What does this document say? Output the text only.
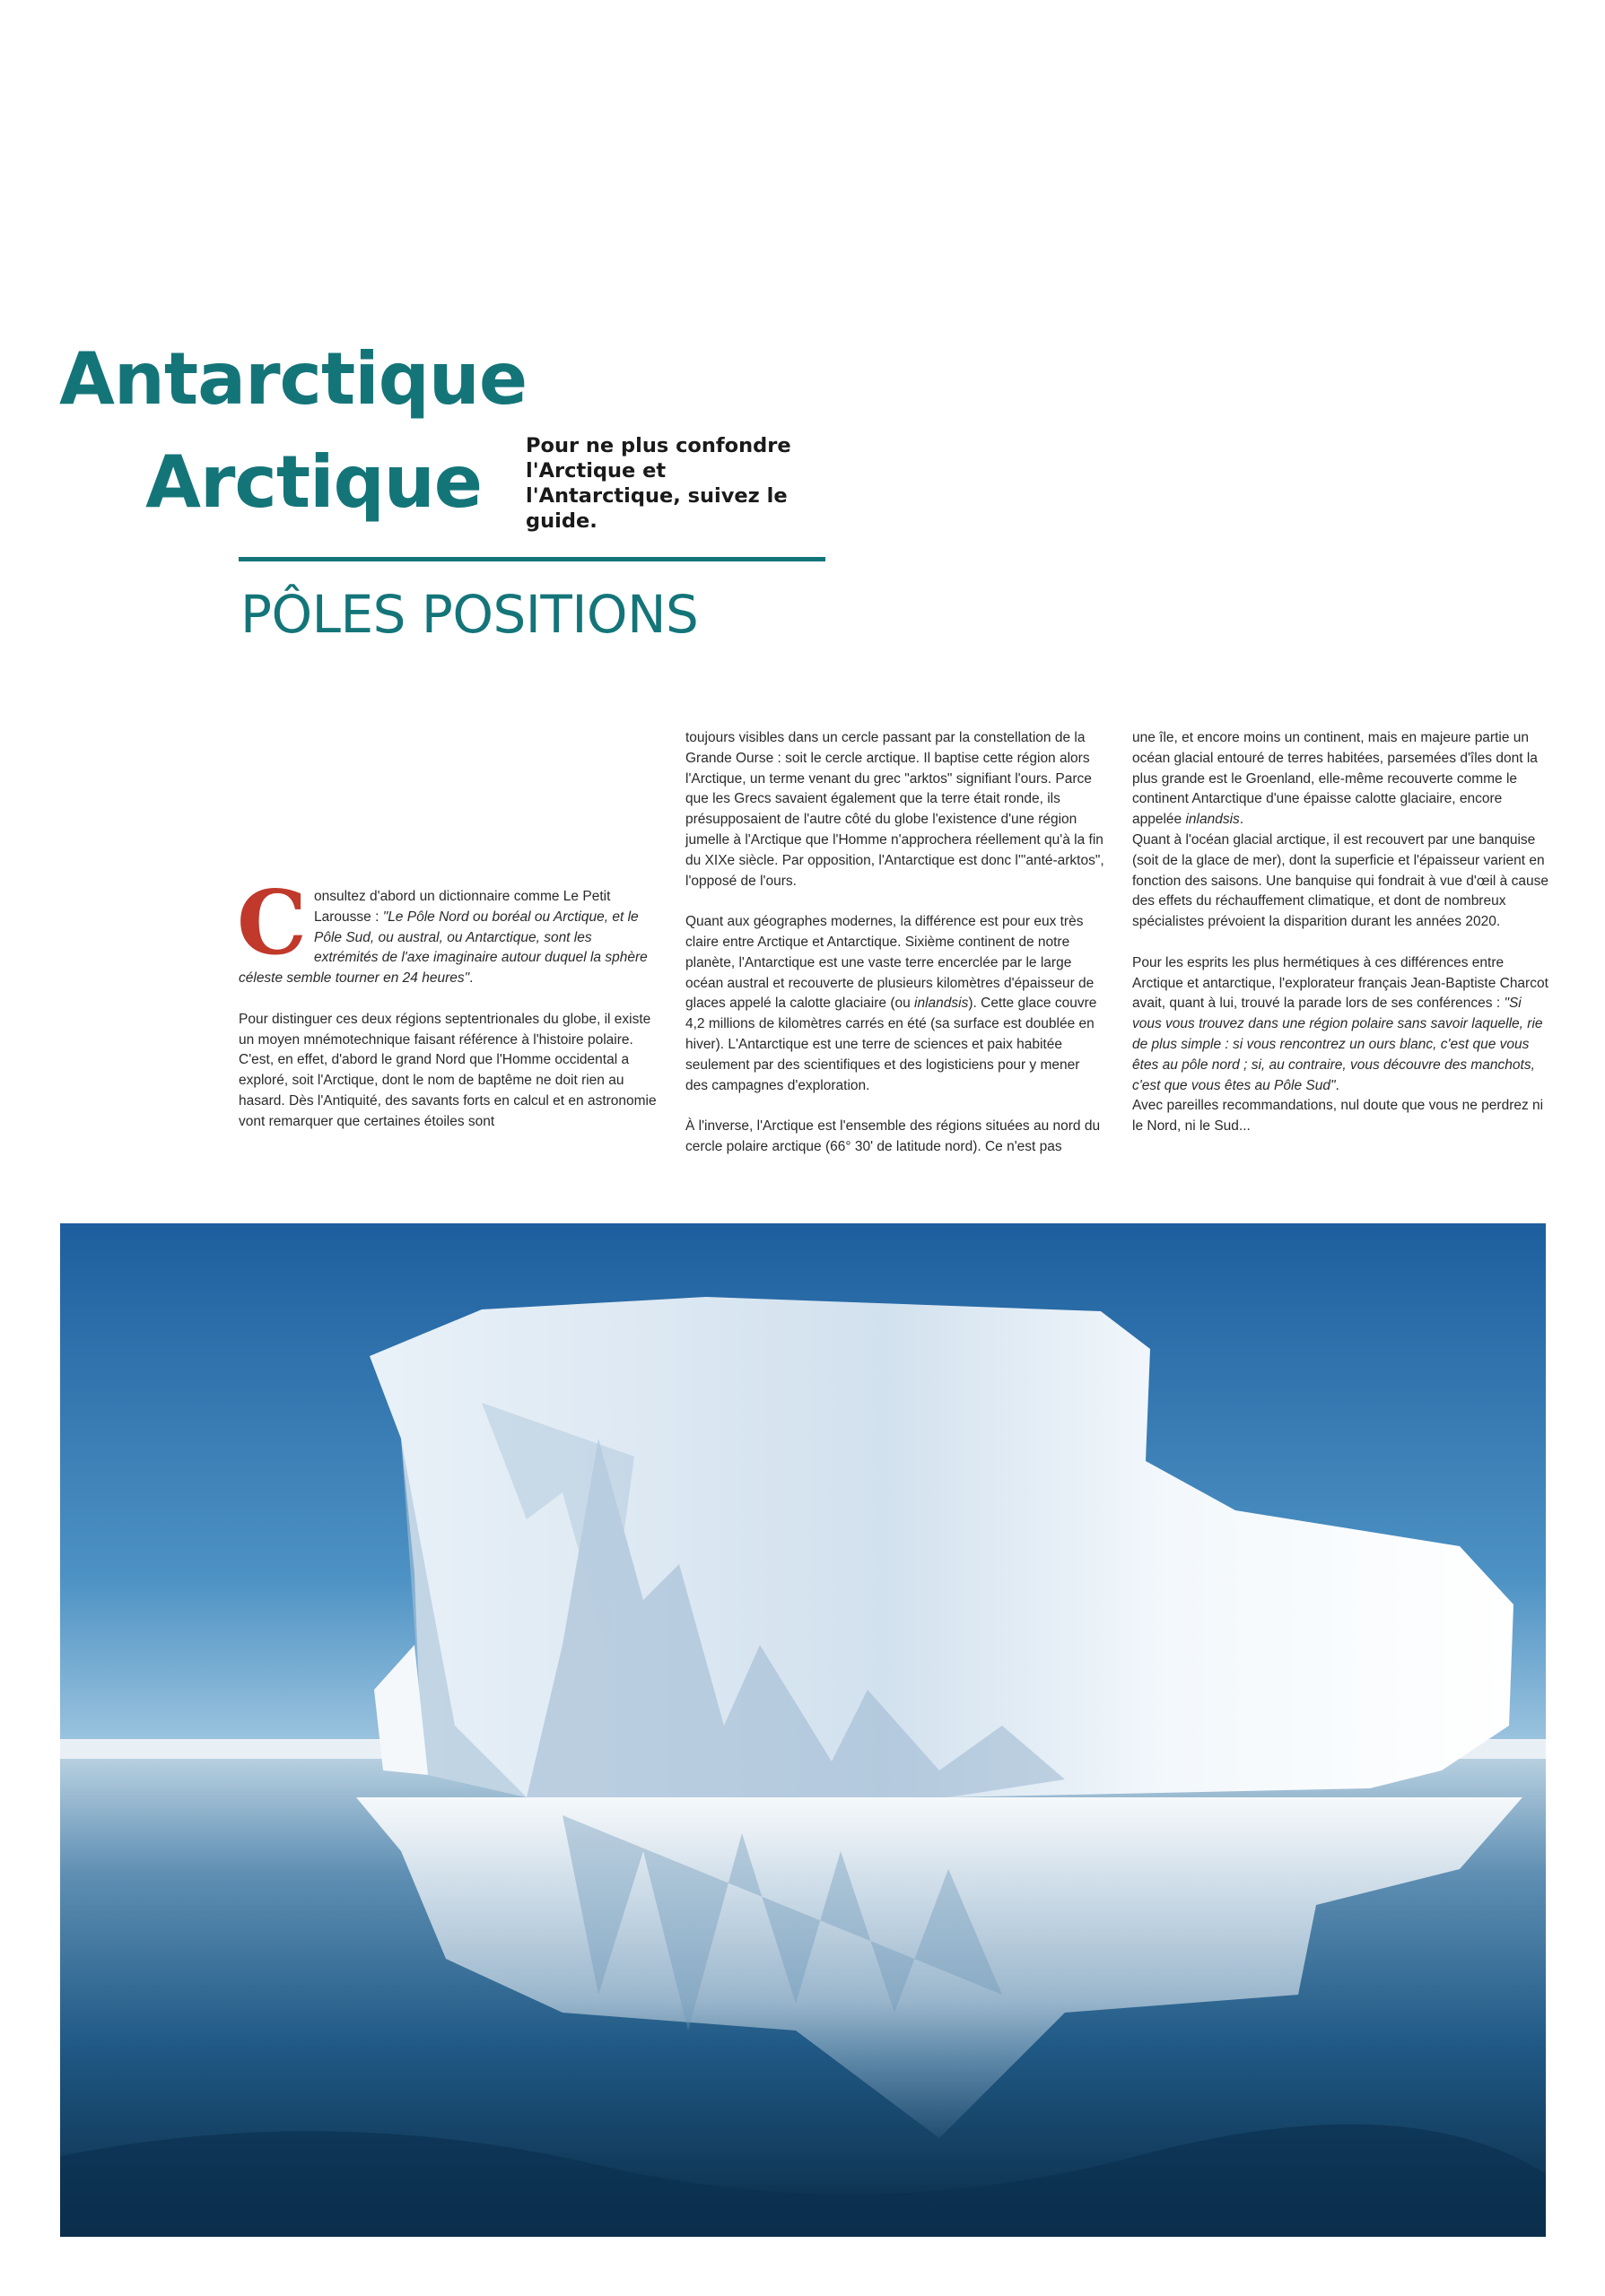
Antarctique
Arctique Pour ne plus confondre l'Arctique et l'Antarctique, suivez le guide.
PÔLES POSITIONS

Consultez d'abord un dictionnaire comme Le Petit Larousse : "Le Pôle Nord ou boréal ou Arctique, et le Pôle Sud, ou austral, ou Antarctique, sont les extrémités de l'axe imaginaire autour duquel la sphère céleste semble tourner en 24 heures".

Pour distinguer ces deux régions septentrionales du globe, il existe un moyen mnémotechnique faisant référence à l'histoire polaire. C'est, en effet, d'abord le grand Nord que l'Homme occidental a exploré, soit l'Arctique, dont le nom de baptême ne doit rien au hasard. Dès l'Antiquité, des savants forts en calcul et en astronomie vont remarquer que certaines étoiles sont

toujours visibles dans un cercle passant par la constellation de la Grande Ourse : soit le cercle arctique. Il baptise cette région alors l'Arctique, un terme venant du grec "arktos" signifiant l'ours. Parce que les Grecs savaient également que la terre était ronde, ils présupposaient de l'autre côté du globe l'existence d'une région jumelle à l'Arctique que l'Homme n'approchera réellement qu'à la fin du XIXe siècle. Par opposition, l'Antarctique est donc l'"anté-arktos", l'opposé de l'ours.

Quant aux géographes modernes, la différence est pour eux très claire entre Arctique et Antarctique. Sixième continent de notre planète, l'Antarctique est une vaste terre encerclée par le large océan austral et recouverte de plusieurs kilomètres d'épaisseur de glaces appelé la calotte glaciaire (ou inlandsis). Cette glace couvre 4,2 millions de kilomètres carrés en été (sa surface est doublée en hiver). L'Antarctique est une terre de sciences et paix habitée seulement par des scientifiques et des logisticiens pour y mener des campagnes d'exploration.

À l'inverse, l'Arctique est l'ensemble des régions situées au nord du cercle polaire arctique (66° 30' de latitude nord). Ce n'est pas

une île, et encore moins un continent, mais en majeure partie un océan glacial entouré de terres habitées, parsemées d'îles dont la plus grande est le Groenland, elle-même recouverte comme le continent Antarctique d'une épaisse calotte glaciaire, encore appelée inlandsis.
Quant à l'océan glacial arctique, il est recouvert par une banquise (soit de la glace de mer), dont la superficie et l'épaisseur varient en fonction des saisons. Une banquise qui fondrait à vue d'œil à cause des effets du réchauffement climatique, et dont de nombreux spécialistes prévoient la disparition durant les années 2020.

Pour les esprits les plus hermétiques à ces différences entre Arctique et antarctique, l'explorateur français Jean-Baptiste Charcot avait, quant à lui, trouvé la parade lors de ses conférences : "Si vous vous trouvez dans une région polaire sans savoir laquelle, rie de plus simple : si vous rencontrez un ours blanc, c'est que vous êtes au pôle nord ; si, au contraire, vous découvre des manchots, c'est que vous êtes au Pôle Sud".
Avec pareilles recommandations, nul doute que vous ne perdrez ni le Nord, ni le Sud...
